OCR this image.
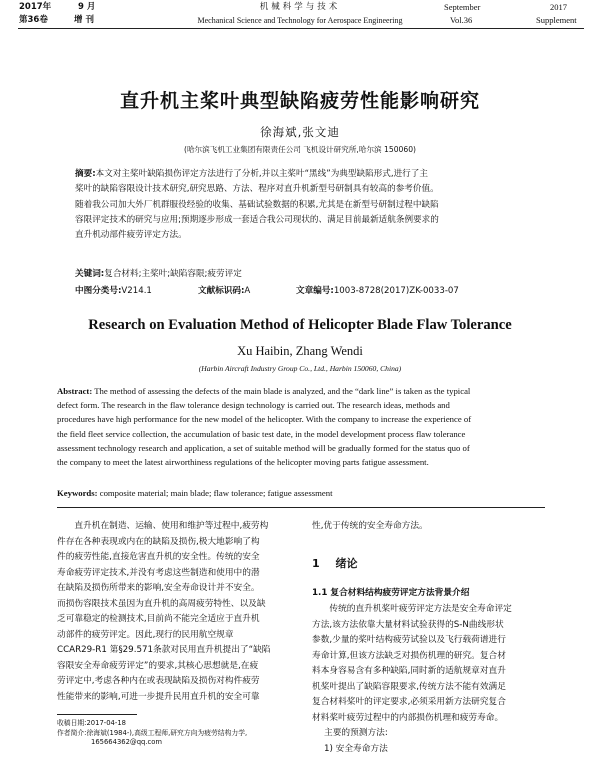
2017年	9 月	机械科学与技术	September	2017
第36卷	增 刊	Mechanical Science and Technology for Aerospace Engineering	Vol.36	Supplement
直升机主桨叶典型缺陷疲劳性能影响研究
徐海斌,张文迪
(哈尔滨飞机工业集团有限责任公司 飞机设计研究所,哈尔滨 150060)
摘要:本文对主桨叶缺陷损伤评定方法进行了分析,并以主桨叶“黑线”为典型缺陷形式,进行了主
桨叶的缺陷容限设计技术研究,研究思路、方法、程序对直升机新型号研制具有较高的参考价值。
随着我公司加大外厂机群服役经验的收集、基础试验数据的积累,尤其是在新型号研制过程中缺陷
容限评定技术的研究与应用;预期逐步形成一套适合我公司现状的、满足目前最新适航条例要求的
直升机动部件疲劳评定方法。
关键词:复合材料;主桨叶;缺陷容限;疲劳评定
中图分类号:V214.1	文献标识码:A	文章编号:1003-8728(2017)ZK-0033-07
Research on Evaluation Method of Helicopter Blade Flaw Tolerance
Xu Haibin, Zhang Wendi
(Harbin Aircraft Industry Group Co., Ltd., Harbin 150060, China)
Abstract: The method of assessing the defects of the main blade is analyzed, and the “dark line” is taken as the typical
defect form. The research in the flaw tolerance design technology is carried out. The research ideas, methods and
procedures have high performance for the new model of the helicopter. With the company to increase the experience of
the field fleet service collection, the accumulation of basic test date, in the model development process flaw tolerance
assessment technology research and application, a set of suitable method will be gradually formed for the status quo of
the company to meet the latest airworthiness regulations of the helicopter moving parts fatigue assessment.
Keywords: composite material; main blade; flaw tolerance; fatigue assessment

直升机在制造、运输、使用和维护等过程中,疲劳构

件存在各种表现或内在的缺陷及损伤,极大地影响了构
件的疲劳性能,直接危害直升机的安全性。传统的安全
寿命疲劳评定技术,并没有考虑这些制造和使用中的潜
在缺陷及损伤所带来的影响,安全寿命设计并不安全。
而损伤容限技术虽因为直升机的高周疲劳特性、以及缺
乏可靠稳定的检测技术,目前尚不能完全适应于直升机
动部件的疲劳评定。因此,现行的民用航空规章
CCAR29-R1 第§29.571条款对民用直升机提出了“缺陷
容限安全寿命疲劳评定”的要求,其核心思想就是,在疲
劳评定中,考虑各种内在或表现缺陷及损伤对构件疲劳
性能带来的影响,可进一步提升民用直升机的安全可靠
收稿日期:2017-04-18
作者简介:徐海斌(1984-),高级工程师,研究方向为疲劳结构力学,
165664362@qq.com
性,优于传统的安全寿命方法。
1 绪论
1.1 复合材料结构疲劳评定方法背景介绍

传统的直升机桨叶疲劳评定方法是安全寿命评定

方法,该方法依靠大量材料试验获得的S-N曲线形状
参数,少量的桨叶结构疲劳试验以及飞行载荷谱进行
寿命计算,但该方法缺乏对损伤机理的研究。复合材
料本身容易含有多种缺陷,同时新的适航规章对直升
机桨叶提出了缺陷容限要求,传统方法不能有效满足
复合材料桨叶的评定要求,必须采用新方法研究复合
材料桨叶疲劳过程中的内部损伤机理和疲劳寿命。
主要的预测方法:
1) 安全寿命方法
